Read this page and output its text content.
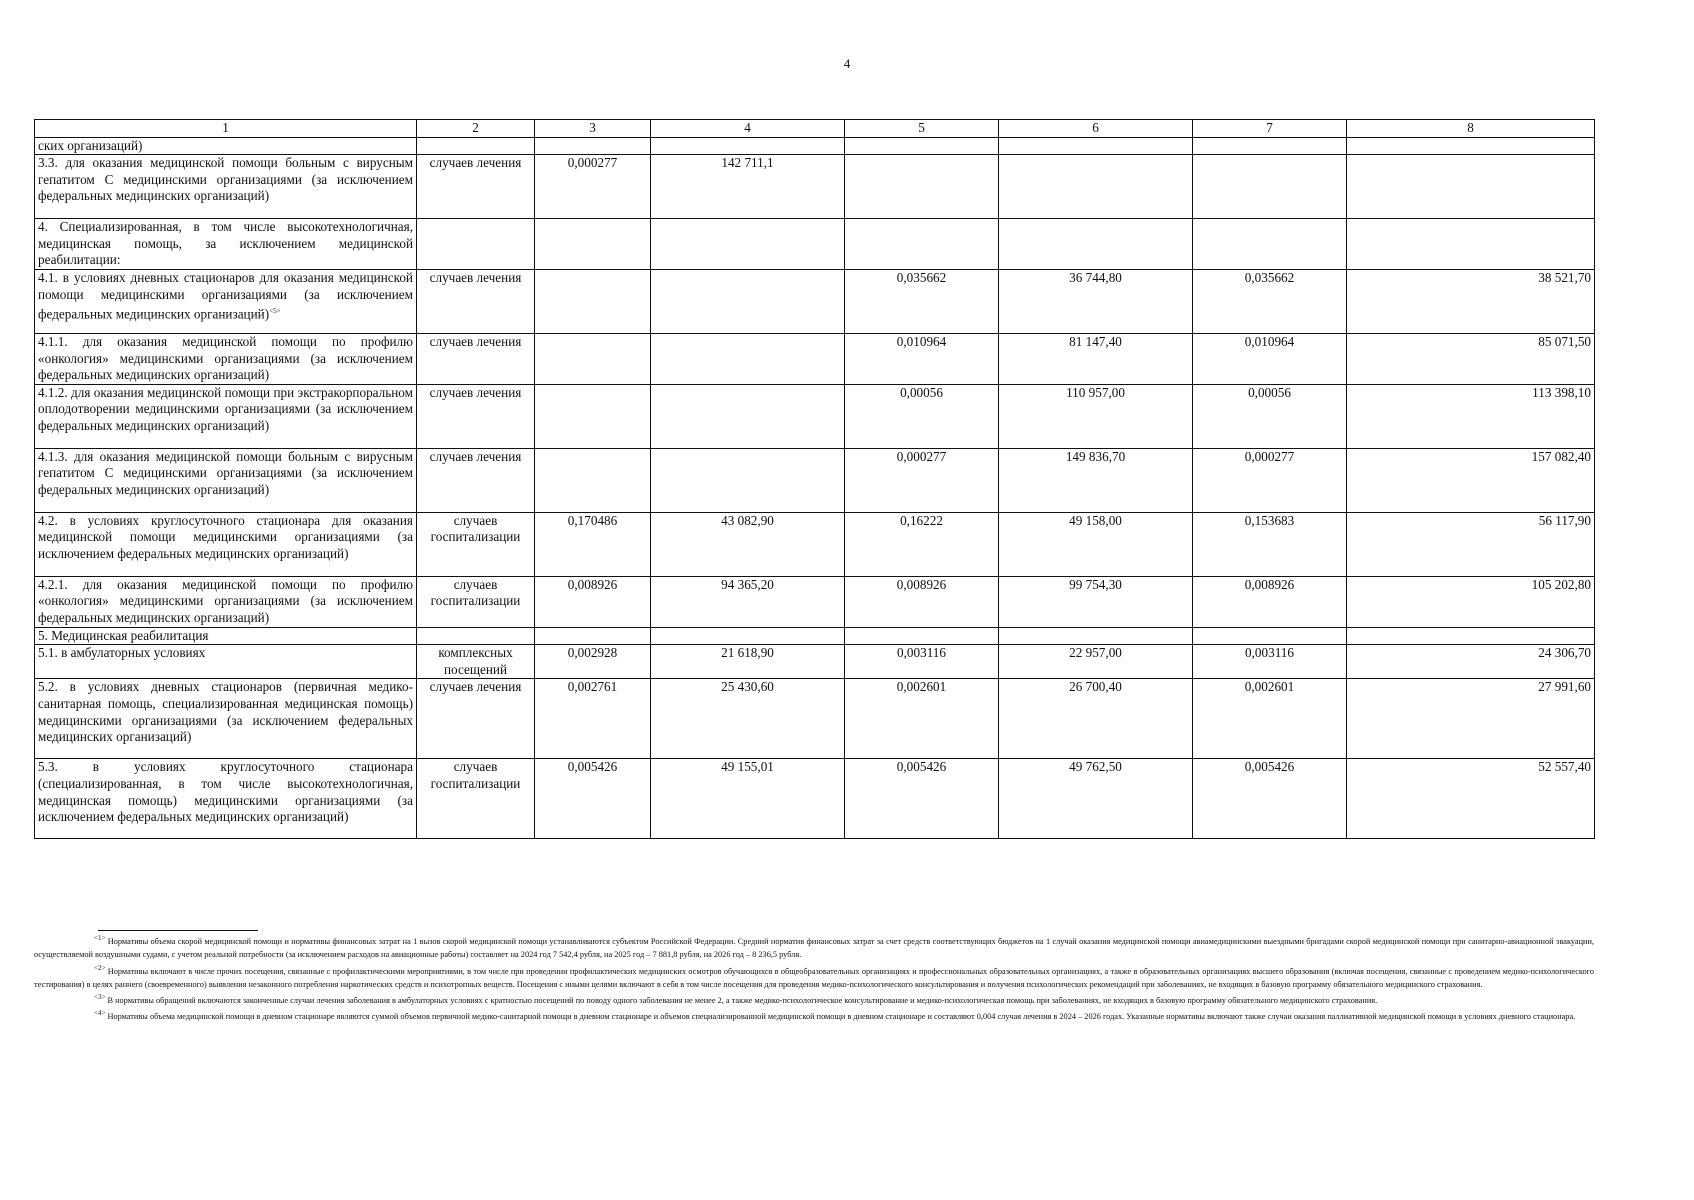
4
1	2	3	4	5	6	7	8
ских организаций)							
3.3. для оказания медицинской помощи больным с вирусным гепатитом С медицинскими организациями (за исключением федеральных медицинских организаций)	случаев лечения	0,000277	142 711,1				
4. Специализированная, в том числе высокотехнологичная, медицинская помощь, за исключением медицинской реабилитации:							
4.1. в условиях дневных стационаров для оказания медицинской помощи медицинскими организациями (за исключением федеральных медицинских организаций)$^{<5>}$	случаев лечения			0,035662	36 744,80	0,035662	38 521,70
4.1.1. для оказания медицинской помощи по профилю «онкология» медицинскими организациями (за исключением федеральных медицинских организаций)	случаев лечения			0,010964	81 147,40	0,010964	85 071,50
4.1.2. для оказания медицинской помощи при экстракорпоральном оплодотворении медицинскими организациями (за исключением федеральных медицинских организаций)	случаев лечения			0,00056	110 957,00	0,00056	113 398,10
4.1.3. для оказания медицинской помощи больным с вирусным гепатитом С медицинскими организациями (за исключением федеральных медицинских организаций)	случаев лечения			0,000277	149 836,70	0,000277	157 082,40
4.2. в условиях круглосуточного стационара для оказания медицинской помощи медицинскими организациями (за исключением федеральных медицинских организаций)	случаев госпитализации	0,170486	43 082,90	0,16222	49 158,00	0,153683	56 117,90
4.2.1. для оказания медицинской помощи по профилю «онкология» медицинскими организациями (за исключением федеральных медицинских организаций)	случаев госпитализации	0,008926	94 365,20	0,008926	99 754,30	0,008926	105 202,80
5. Медицинская реабилитация							
5.1. в амбулаторных условиях	комплексных посещений	0,002928	21 618,90	0,003116	22 957,00	0,003116	24 306,70
5.2. в условиях дневных стационаров (первичная медико-санитарная помощь, специализированная медицинская помощь) медицинскими организациями (за исключением федеральных медицинских организаций)	случаев лечения	0,002761	25 430,60	0,002601	26 700,40	0,002601	27 991,60
5.3. в условиях круглосуточного стационара (специализированная, в том числе высокотехнологичная, медицинская помощь) медицинскими организациями (за исключением федеральных медицинских организаций)	случаев госпитализации	0,005426	49 155,01	0,005426	49 762,50	0,005426	52 557,40

$^{<1>}$ Нормативы объема скорой медицинской помощи и нормативы финансовых затрат на 1 вызов скорой медицинской помощи устанавливаются субъектом Российской Федерации. Средний норматив финансовых затрат за счет средств соответствующих бюджетов на 1 случай оказания медицинской помощи авиамедицинскими выездными бригадами скорой медицинской помощи при санитарно-авиационной эвакуации, осуществляемой воздушными судами, с учетом реальной потребности (за исключением расходов на авиационные работы) составляет на 2024 год 7 542,4 рубля, на 2025 год – 7 881,8 рубля, на 2026 год – 8 236,5 рубля.

$^{<2>}$ Нормативы включают в числе прочих посещения, связанные с профилактическими мероприятиями, в том числе при проведении профилактических медицинских осмотров обучающихся в общеобразовательных организациях и профессиональных образовательных организациях, а также в образовательных организациях высшего образования (включая посещения, связанные с проведением медико-психологического тестирования) в целях раннего (своевременного) выявления незаконного потребления наркотических средств и психотропных веществ. Посещения с иными целями включают в себя в том числе посещения для проведения медико-психологического консультирования и получения психологических рекомендаций при заболеваниях, не входящих в базовую программу обязательного медицинского страхования.

$^{<3>}$ В нормативы обращений включаются законченные случаи лечения заболевания в амбулаторных условиях с кратностью посещений по поводу одного заболевания не менее 2, а также медико-психологическое консультирование и медико-психологическая помощь при заболеваниях, не входящих в базовую программу обязательного медицинского страхования.

$^{<4>}$ Нормативы объема медицинской помощи в дневном стационаре являются суммой объемов первичной медико-санитарной помощи в дневном стационаре и объемов специализированной медицинской помощи в дневном стационаре и составляют 0,004 случая лечения в 2024 – 2026 годах. Указанные нормативы включают также случаи оказания паллиативной медицинской помощи в условиях дневного стационара.
